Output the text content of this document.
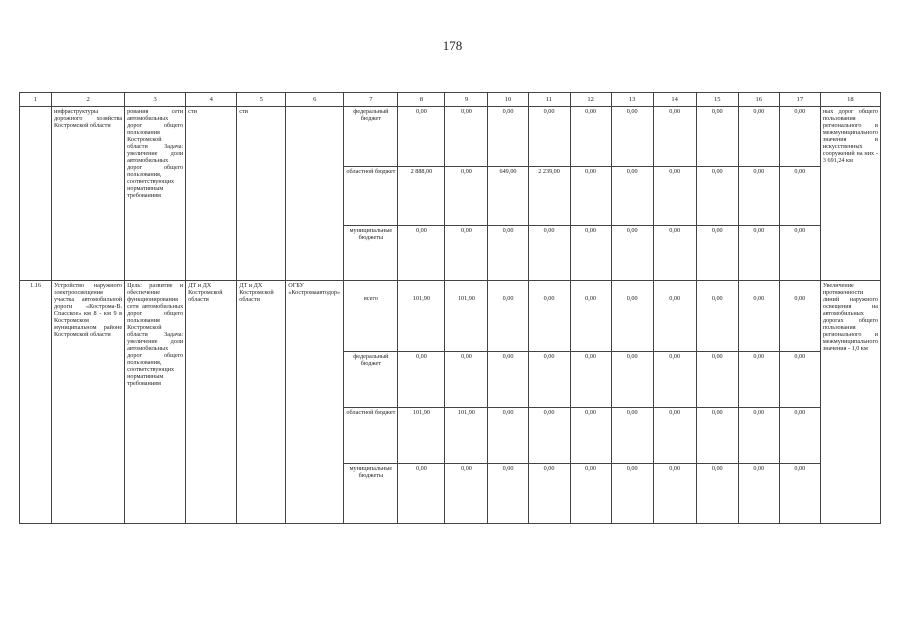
178
1	2	3	4	5	6	7	8	9	10	11	12	13	14	15	16	17	18
	инфраструктуры дорожного хозяйства Костромской области	рования сети автомобильных дорог общего пользования Костромской области Задача: увеличение доли автомобильных дорог общего пользования, соответствующих нормативным требованиям	сти	сти		федеральный бюджет	0,00	0,00	0,00	0,00	0,00	0,00	0,00	0,00	0,00	0,00	ных дорог общего пользования регионального и межмуниципального значения и искусственных сооружений на них - 3 691,24 км
						областной бюджет	2 888,00	0,00	649,00	2 239,00	0,00	0,00	0,00	0,00	0,00	0,00	
						муниципальные бюджеты	0,00	0,00	0,00	0,00	0,00	0,00	0,00	0,00	0,00	0,00	
1.16	Устройство наружного электроосвещения участка автомобильной дороги «Кострома-В. Спасское» км 8 - км 9 в Костромском муниципальном районе Костромской области	Цель: развитие и обеспечение функционирования сети автомобильных дорог общего пользования Костромской области Задача: увеличение доли автомобильных дорог общего пользования, соответствующих нормативным требованиям	ДТ и ДХ Костромской области	ДТ и ДХ Костромской области	ОГБУ «Костромаавтодор»	всего	101,90	101,90	0,00	0,00	0,00	0,00	0,00	0,00	0,00	0,00	Увеличение протяженности линий наружного освещения на автомобильных дорогах общего пользования регионального и межмуниципального значения - 1,0 км
						федеральный бюджет	0,00	0,00	0,00	0,00	0,00	0,00	0,00	0,00	0,00	0,00	
						областной бюджет	101,90	101,90	0,00	0,00	0,00	0,00	0,00	0,00	0,00	0,00	
						муниципальные бюджеты	0,00	0,00	0,00	0,00	0,00	0,00	0,00	0,00	0,00	0,00	
